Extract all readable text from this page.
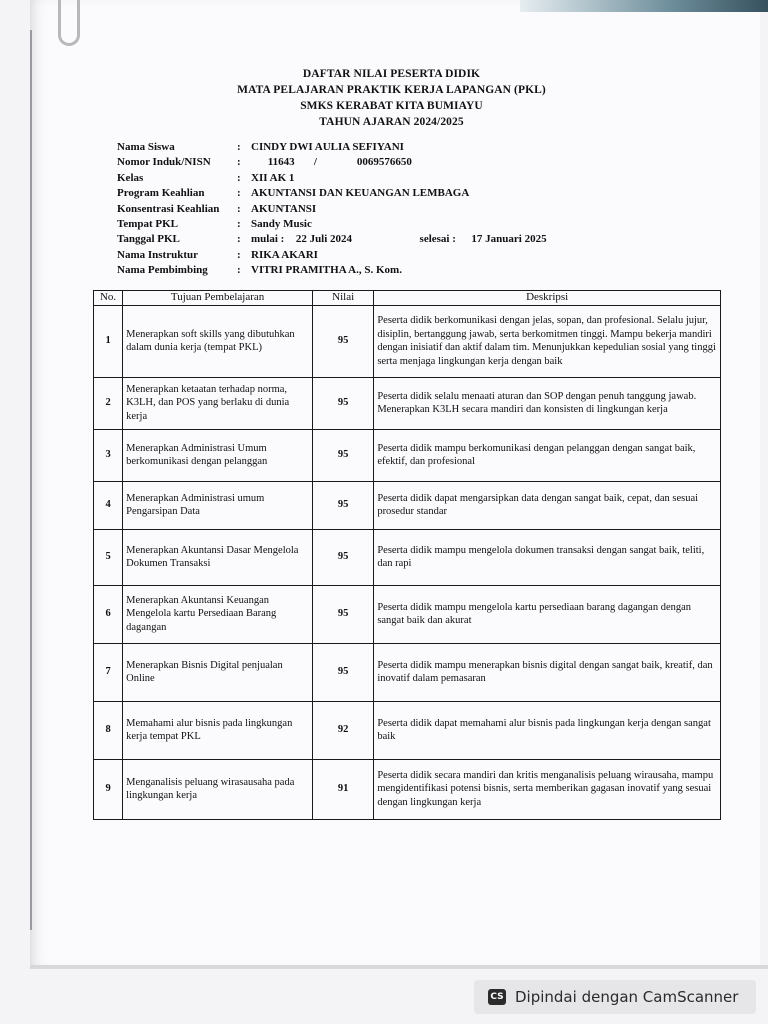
DAFTAR NILAI PESERTA DIDIK
MATA PELAJARAN PRAKTIK KERJA LAPANGAN (PKL)
SMKS KERABAT KITA BUMIAYU
TAHUN AJARAN 2024/2025
Nama Siswa	: CINDY DWI AULIA SEFIYANI
Nomor Induk/NISN	:	11643 /	0069576650
Kelas	: XII AK 1
Program Keahlian	: AKUNTANSI DAN KEUANGAN LEMBAGA
Konsentrasi Keahlian	: AKUNTANSI
Tempat PKL	: Sandy Music
Tanggal PKL	: mulai : 22 Juli 2024	selesai : 17 Januari 2025
Nama Instruktur	: RIKA AKARI
Nama Pembimbing	: VITRI PRAMITHA A., S. Kom.
No.	Tujuan Pembelajaran	Nilai	Deskripsi
1	Menerapkan soft skills yang dibutuhkan dalam dunia kerja (tempat PKL)	95	Peserta didik berkomunikasi dengan jelas, sopan, dan profesional. Selalu jujur, disiplin, bertanggung jawab, serta berkomitmen tinggi. Mampu bekerja mandiri dengan inisiatif dan aktif dalam tim. Menunjukkan kepedulian sosial yang tinggi serta menjaga lingkungan kerja dengan baik
2	Menerapkan ketaatan terhadap norma, K3LH, dan POS yang berlaku di dunia kerja	95	Peserta didik selalu menaati aturan dan SOP dengan penuh tanggung jawab. Menerapkan K3LH secara mandiri dan konsisten di lingkungan kerja
3	Menerapkan Administrasi Umum berkomunikasi dengan pelanggan	95	Peserta didik mampu berkomunikasi dengan pelanggan dengan sangat baik, efektif, dan profesional
4	Menerapkan Administrasi umum Pengarsipan Data	95	Peserta didik dapat mengarsipkan data dengan sangat baik, cepat, dan sesuai prosedur standar
5	Menerapkan Akuntansi Dasar Mengelola Dokumen Transaksi	95	Peserta didik mampu mengelola dokumen transaksi dengan sangat baik, teliti, dan rapi
6	Menerapkan Akuntansi Keuangan Mengelola kartu Persediaan Barang dagangan	95	Peserta didik mampu mengelola kartu persediaan barang dagangan dengan sangat baik dan akurat
7	Menerapkan Bisnis Digital penjualan Online	95	Peserta didik mampu menerapkan bisnis digital dengan sangat baik, kreatif, dan inovatif dalam pemasaran
8	Memahami alur bisnis pada lingkungan kerja tempat PKL	92	Peserta didik dapat memahami alur bisnis pada lingkungan kerja dengan sangat baik
9	Menganalisis peluang wirasausaha pada lingkungan kerja	91	Peserta didik secara mandiri dan kritis menganalisis peluang wirausaha, mampu mengidentifikasi potensi bisnis, serta memberikan gagasan inovatif yang sesuai dengan lingkungan kerja
CS Dipindai dengan CamScanner
